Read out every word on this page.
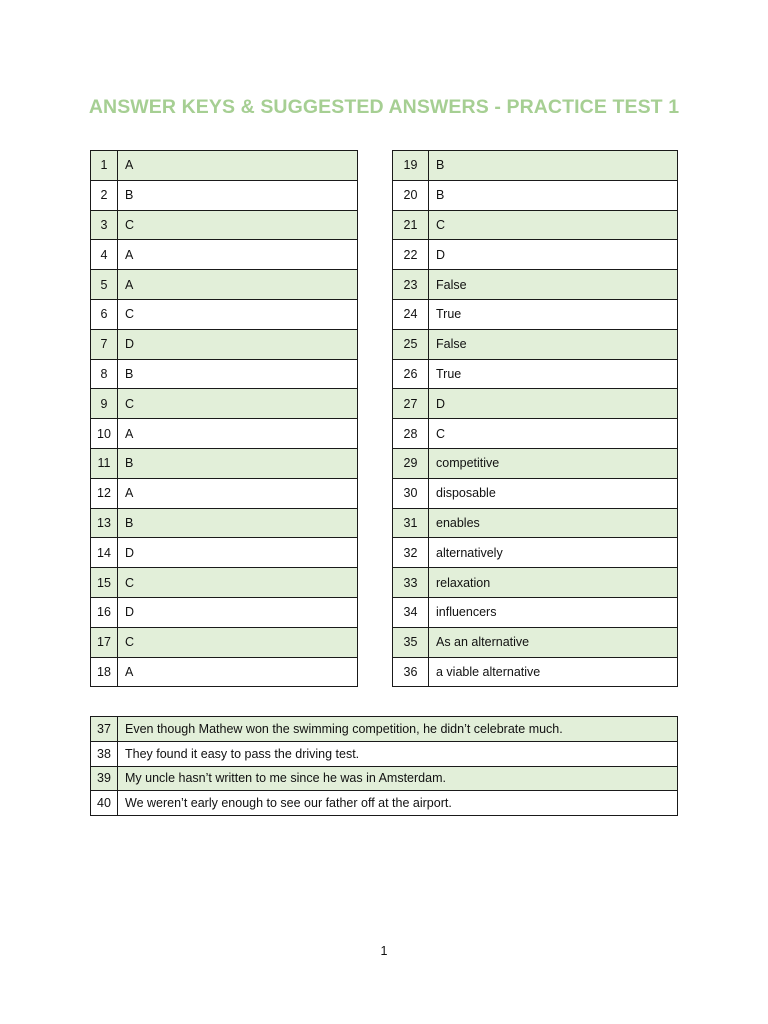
ANSWER KEYS & SUGGESTED ANSWERS - PRACTICE TEST 1
1	A
2	B
3	C
4	A
5	A
6	C
7	D
8	B
9	C
10	A
11	B
12	A
13	B
14	D
15	C
16	D
17	C
18	A
19	B
20	B
21	C
22	D
23	False
24	True
25	False
26	True
27	D
28	C
29	competitive
30	disposable
31	enables
32	alternatively
33	relaxation
34	influencers
35	As an alternative
36	a viable alternative
37	Even though Mathew won the swimming competition, he didn’t celebrate much.
38	They found it easy to pass the driving test.
39	My uncle hasn’t written to me since he was in Amsterdam.
40	We weren’t early enough to see our father off at the airport.
1
